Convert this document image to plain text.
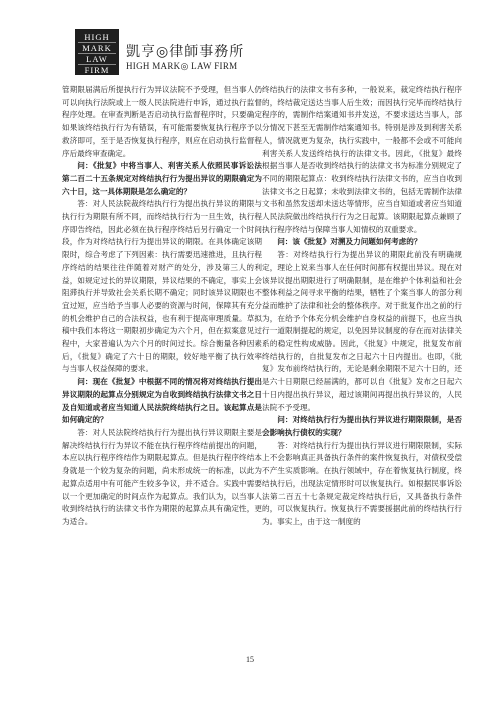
HIGH
MARK
LAW
FIRM
凱亨◎律師事務所
HIGH MARK◎ LAW FIRM

管期限届满后所提执行行为异议法院不予受理，但当事人仍可以向执行法院或上一级人民法院进行申诉，通过执行监督程序处理。在审查判断是否启动执行监督程序时，只要确定如果该终结执行行为有错误，有可能需要恢复执行程序予以救济即可，至于是否恢复执行程序，则应在启动执行监督程序后最终审查确定。

问：《批复》中将当事人、利害关系人依照民事诉讼法第二百二十五条规定对终结执行行为提出异议的期限确定为六十日，这一具体期限是怎么确定的？

答：对人民法院裁终结执行行为提出执行异议的期限与执行行为期限有所不同，而终结执行行为一旦生效，执行程序即告终结，因此必须在执行程序终结后另行确定一个时间段，作为对终结执行行为提出异议的期限。在具体确定该期限时，综合考虑了下列因素：执行需要迅速推进，且执行程序终结的结果往往伴随着对财产的处分，涉及第三人的利益，如规定过长的异议期限，异议结果的不确定，事实上会阻滞执行并导致社会关系长期不确定；同时该异议期限也不宜过短，应当给予当事人必要的资源与时间，保障其有充分的机会维护自己的合法权益，也有利于提高审理质量。草拟稿中我们本将这一期限初步确定为六个月，但在拟案意见过程中，大家普遍认为六个月的时间过长。综合衡量各种因素后，《批复》确定了六十日的期限，较好地平衡了执行效率与当事人权益保障的要求。

问：现在《批复》中根据不同的情况将对终结执行提出异议期限的起算点分别规定为自收到终结执行法律文书之日及自知道或者应当知道人民法院终结执行之日。该起算点是如何确定的？

答：对人民法院终结执行行为提出执行异议期限主要是解决终结执行行为异议不能在执行程序终结前提出的问题，本应以执行程序终结作为期限起算点。但是执行程序终结本身就是一个较为复杂的问题，尚未形成统一的标准，以此为起算点适用中有可能产生较多争议，并不适合。实践中需要以一个更加确定的时间点作为起算点。我们认为，以当事人收到终结执行的法律文书作为期限的起算点具有确定性，更为适合。

终结执行的法律文书有多种，一般说来，裁定终结执行程序的，终结裁定送达当事人后生效；而因执行完毕而终结执行程序的，需制作结案通知书并发送，不要求送达当事人，部分情况下甚至无需制作结案通知书。特别是涉及到利害关系人，情况就更为复杂，执行实践中，一般都不会或不可能向利害关系人发送终结执行的法律文书。因此，《批复》最终根据当事人是否收到终结执行的法律文书为标准分别规定了不同的期限起算点：收到终结执行法律文书的，应当自收到法律文书之日起算；未收到法律文书的，包括无需制作法律文书和虽然发送却未送达等情形，应当自知道或者应当知道人民法院做出终结执行行为之日起算。该期限起算点兼顾了执行程序终结与保障当事人知情权的双重要求。

问：该《批复》对溯及力问题如何考虑的？

答：对终结执行行为提出异议的期限此前没有明确规定，理论上说来当事人在任何时间都有权提出异议。现在对该异议提出期限进行了明确限制，是在维护个体利益和社会整体利益之间寻求平衡的结果，牺牲了个案当事人的部分利益而维护了法律和社会的整体秩序。对于批复作出之前的行为，在给予个体充分机会维护自身权益的前提下，也应当执行一道限制提起的规定，以免因异议制度的存在而对法律关系的稳定性构成威胁。因此，《批复》中规定，批复发布前终结执行的，自批复发布之日起六十日内提出。也即，《批复》发布前终结执行的，无论是剩余期限不足六十日的，还是六十日期限已经届满的，都可以自《批复》发布之日起六十日内提出执行异议，超过该期间再提出执行异议的，人民法院不予受理。

问：对终结执行行为提出执行异议进行期限限制，是否会影响执行债权的实现？

答：对终结执行行为提出执行异议进行期限限制，实际上不会影响真正具备执行条件的案件恢复执行，对债权受偿不产生实质影响。在执行领域中，存在着恢复执行制度，终结执行后，出现法定情形时可以恢复执行。如根据民事诉讼法第二百五十七条规定裁定终结执行后，又具备执行条件的，可以恢复执行。恢复执行不需要援据此前的终结执行行为。事实上，由于这一制度的

15
